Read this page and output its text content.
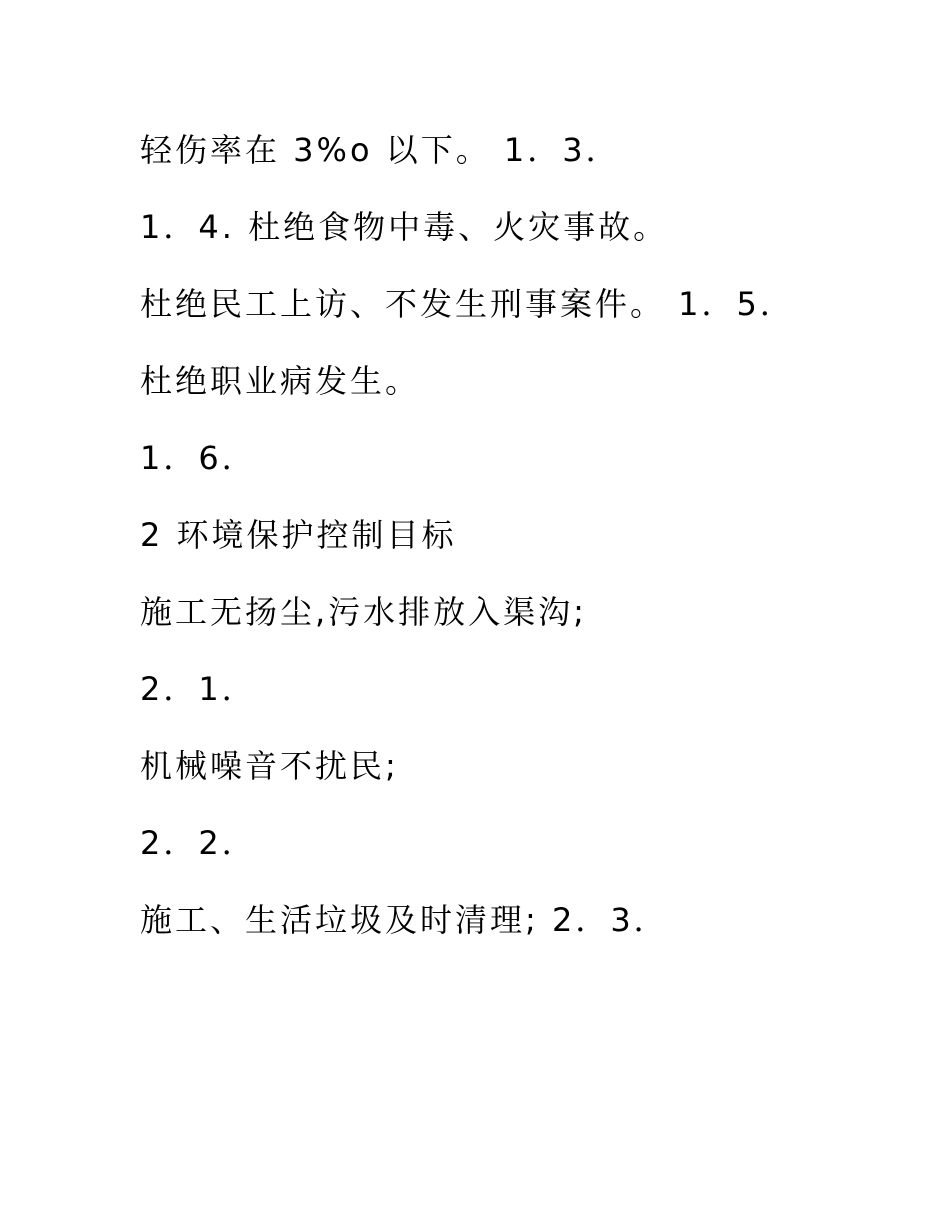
轻伤率在 3%o 以下。 1．3．

1．4. 杜绝食物中毒、火灾事故。

杜绝民工上访、不发生刑事案件。 1．5．

杜绝职业病发生。

1．6．

2 环境保护控制目标

施工无扬尘,污水排放入渠沟;

2．1．

机械噪音不扰民;

2．2．

施工、生活垃圾及时清理; 2．3．
